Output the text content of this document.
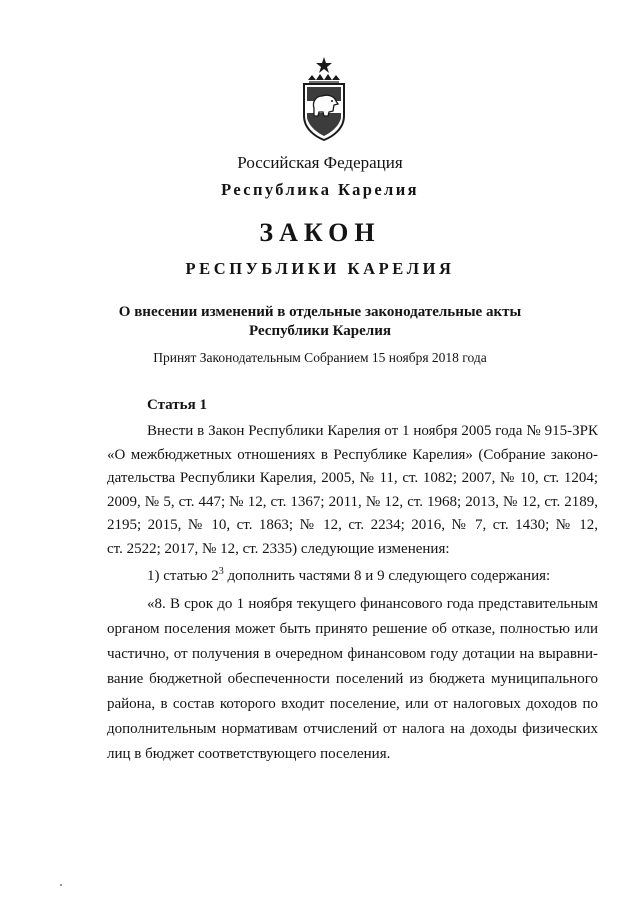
Российская Федерация
Республика Карелия
ЗАКОН
РЕСПУБЛИКИ КАРЕЛИЯ
О внесении изменений в отдельные законодательные акты
Республики Карелия
Принят Законодательным Собранием 15 ноября 2018 года
Статья 1
Внести в Закон Республики Карелия от 1 ноября 2005 года № 915-ЗРК
«О межбюджетных отношениях в Республике Карелия» (Собрание законо-
дательства Республики Карелия, 2005, № 11, ст. 1082; 2007, № 10, ст. 1204;
2009, № 5, ст. 447; № 12, ст. 1367; 2011, № 12, ст. 1968; 2013, № 12, ст. 2189,
2195; 2015, № 10, ст. 1863; № 12, ст. 2234; 2016, № 7, ст. 1430; № 12,
ст. 2522; 2017, № 12, ст. 2335) следующие изменения:
1) статью $2^3$ дополнить частями 8 и 9 следующего содержания:
«8. В срок до 1 ноября текущего финансового года представительным
органом поселения может быть принято решение об отказе, полностью или
частично, от получения в очередном финансовом году дотации на выравни-
вание бюджетной обеспеченности поселений из бюджета муниципального
района, в состав которого входит поселение, или от налоговых доходов по
дополнительным нормативам отчислений от налога на доходы физических
лиц в бюджет соответствующего поселения.
